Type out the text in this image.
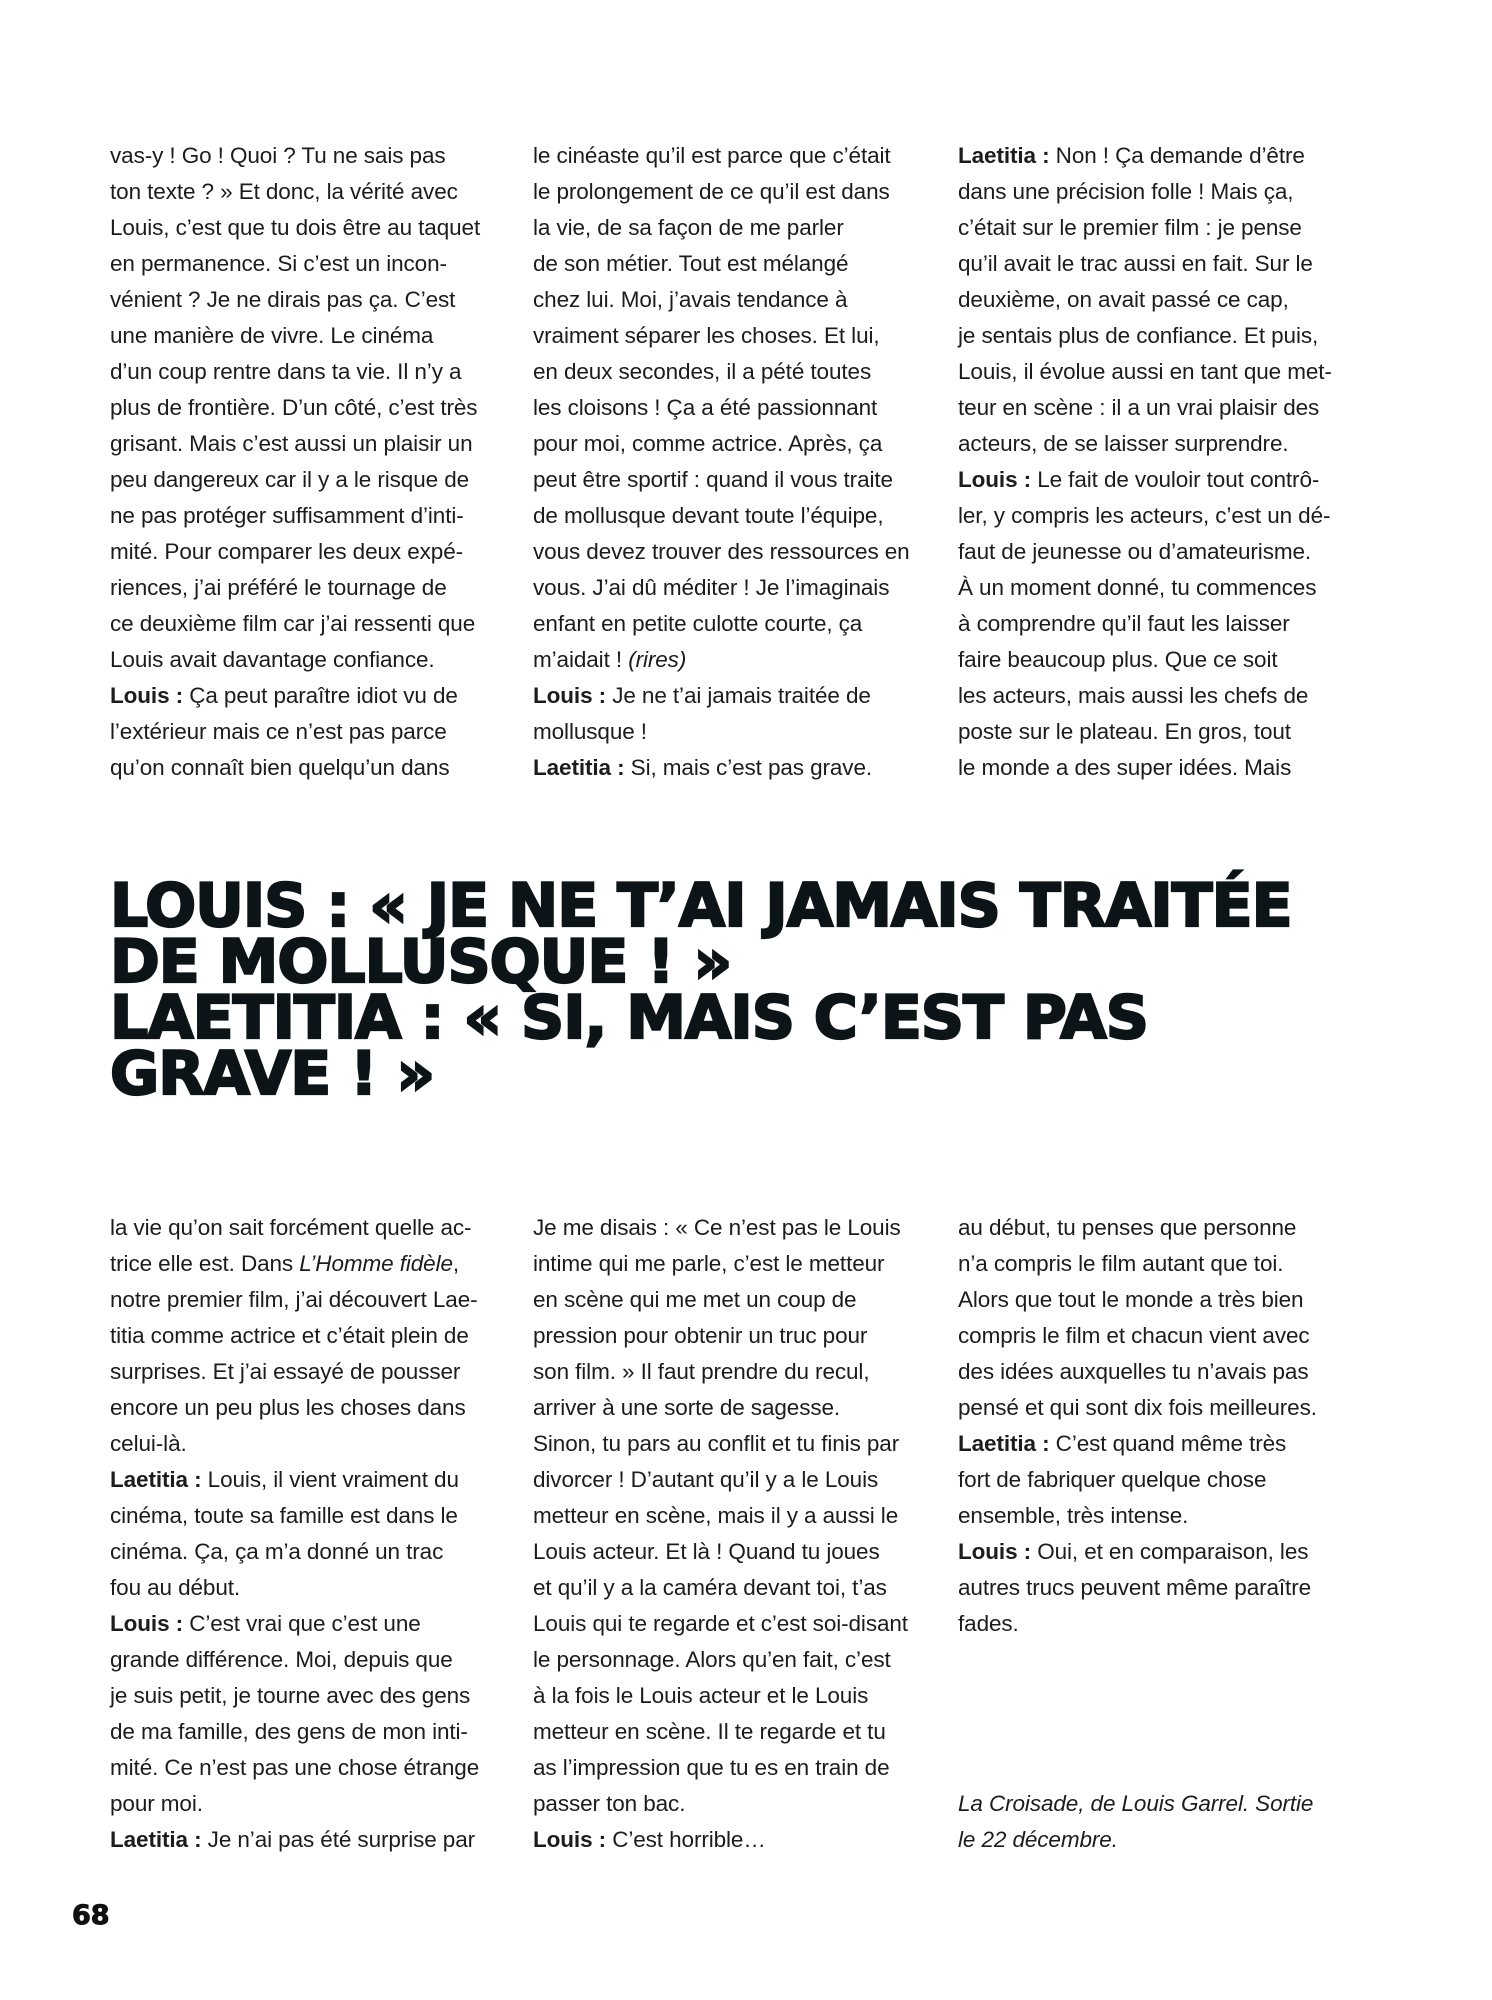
vas-y ! Go ! Quoi ? Tu ne sais pas
ton texte ? » Et donc, la vérité avec
Louis, c’est que tu dois être au taquet
en permanence. Si c’est un incon-
vénient ? Je ne dirais pas ça. C’est
une manière de vivre. Le cinéma
d’un coup rentre dans ta vie. Il n’y a
plus de frontière. D’un côté, c’est très
grisant. Mais c’est aussi un plaisir un
peu dangereux car il y a le risque de
ne pas protéger suffisamment d’inti-
mité. Pour comparer les deux expé-
riences, j’ai préféré le tournage de
ce deuxième film car j’ai ressenti que
Louis avait davantage confiance.
Louis : Ça peut paraître idiot vu de
l’extérieur mais ce n’est pas parce
qu’on connaît bien quelqu’un dans
le cinéaste qu’il est parce que c’était
le prolongement de ce qu’il est dans
la vie, de sa façon de me parler
de son métier. Tout est mélangé
chez lui. Moi, j’avais tendance à
vraiment séparer les choses. Et lui,
en deux secondes, il a pété toutes
les cloisons ! Ça a été passionnant
pour moi, comme actrice. Après, ça
peut être sportif : quand il vous traite
de mollusque devant toute l’équipe,
vous devez trouver des ressources en
vous. J’ai dû méditer ! Je l’imaginais
enfant en petite culotte courte, ça
m’aidait ! (rires)
Louis : Je ne t’ai jamais traitée de
mollusque !
Laetitia : Si, mais c’est pas grave.
Laetitia : Non ! Ça demande d’être
dans une précision folle ! Mais ça,
c’était sur le premier film : je pense
qu’il avait le trac aussi en fait. Sur le
deuxième, on avait passé ce cap,
je sentais plus de confiance. Et puis,
Louis, il évolue aussi en tant que met-
teur en scène : il a un vrai plaisir des
acteurs, de se laisser surprendre.
Louis : Le fait de vouloir tout contrô-
ler, y compris les acteurs, c’est un dé-
faut de jeunesse ou d’amateurisme.
À un moment donné, tu commences
à comprendre qu’il faut les laisser
faire beaucoup plus. Que ce soit
les acteurs, mais aussi les chefs de
poste sur le plateau. En gros, tout
le monde a des super idées. Mais
LOUIS : « JE NE T’AI JAMAIS TRAITÉE
DE MOLLUSQUE ! »
LAETITIA : « SI, MAIS C’EST PAS
GRAVE ! »
la vie qu’on sait forcément quelle ac-
trice elle est. Dans L’Homme fidèle,
notre premier film, j’ai découvert Lae-
titia comme actrice et c’était plein de
surprises. Et j’ai essayé de pousser
encore un peu plus les choses dans
celui-là.
Laetitia : Louis, il vient vraiment du
cinéma, toute sa famille est dans le
cinéma. Ça, ça m’a donné un trac
fou au début.
Louis : C’est vrai que c’est une
grande différence. Moi, depuis que
je suis petit, je tourne avec des gens
de ma famille, des gens de mon inti-
mité. Ce n’est pas une chose étrange
pour moi.
Laetitia : Je n’ai pas été surprise par
Je me disais : « Ce n’est pas le Louis
intime qui me parle, c’est le metteur
en scène qui me met un coup de
pression pour obtenir un truc pour
son film. » Il faut prendre du recul,
arriver à une sorte de sagesse.
Sinon, tu pars au conflit et tu finis par
divorcer ! D’autant qu’il y a le Louis
metteur en scène, mais il y a aussi le
Louis acteur. Et là ! Quand tu joues
et qu’il y a la caméra devant toi, t’as
Louis qui te regarde et c’est soi-disant
le personnage. Alors qu’en fait, c’est
à la fois le Louis acteur et le Louis
metteur en scène. Il te regarde et tu
as l’impression que tu es en train de
passer ton bac.
Louis : C’est horrible…
au début, tu penses que personne
n’a compris le film autant que toi.
Alors que tout le monde a très bien
compris le film et chacun vient avec
des idées auxquelles tu n’avais pas
pensé et qui sont dix fois meilleures.
Laetitia : C’est quand même très
fort de fabriquer quelque chose
ensemble, très intense.
Louis : Oui, et en comparaison, les
autres trucs peuvent même paraître
fades.
La Croisade, de Louis Garrel. Sortie
le 22 décembre.
68
